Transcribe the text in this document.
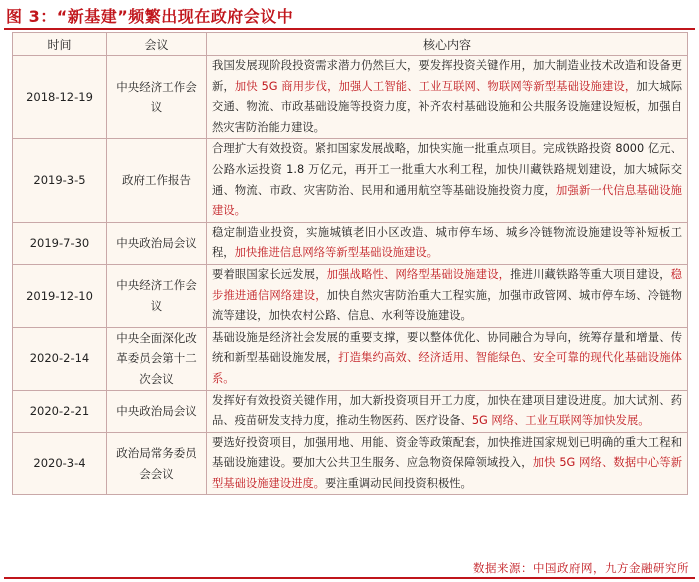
图 3：“新基建”频繁出现在政府会议中
时间	会议	核心内容
2018-12-19	中央经济工作会议	我国发展现阶段投资需求潜力仍然巨大，要发挥投资关键作用，加大制造业技术改造和设备更新，加快 5G 商用步伐，加强人工智能、工业互联网、物联网等新型基础设施建设，加大城际交通、物流、市政基础设施等投资力度，补齐农村基础设施和公共服务设施建设短板，加强自然灾害防治能力建设。
2019-3-5	政府工作报告	合理扩大有效投资。紧扣国家发展战略，加快实施一批重点项目。完成铁路投资 8000 亿元、公路水运投资 1.8 万亿元，再开工一批重大水利工程，加快川藏铁路规划建设，加大城际交通、物流、市政、灾害防治、民用和通用航空等基础设施投资力度，加强新一代信息基础设施建设。
2019-7-30	中央政治局会议	稳定制造业投资，实施城镇老旧小区改造、城市停车场、城乡冷链物流设施建设等补短板工程，加快推进信息网络等新型基础设施建设。
2019-12-10	中央经济工作会议	要着眼国家长远发展，加强战略性、网络型基础设施建设，推进川藏铁路等重大项目建设，稳步推进通信网络建设，加快自然灾害防治重大工程实施，加强市政管网、城市停车场、冷链物流等建设，加快农村公路、信息、水利等设施建设。
2020-2-14	中央全面深化改革委员会第十二次会议	基础设施是经济社会发展的重要支撑，要以整体优化、协同融合为导向，统筹存量和增量、传统和新型基础设施发展，打造集约高效、经济适用、智能绿色、安全可靠的现代化基础设施体系。
2020-2-21	中央政治局会议	发挥好有效投资关键作用，加大新投资项目开工力度，加快在建项目建设进度。加大试剂、药品、疫苗研发支持力度，推动生物医药、医疗设备、5G 网络、工业互联网等加快发展。
2020-3-4	政治局常务委员会会议	要选好投资项目，加强用地、用能、资金等政策配套，加快推进国家规划已明确的重大工程和基础设施建设。要加大公共卫生服务、应急物资保障领域投入，加快 5G 网络、数据中心等新型基础设施建设进度。要注重调动民间投资积极性。
数据来源：中国政府网，九方金融研究所
